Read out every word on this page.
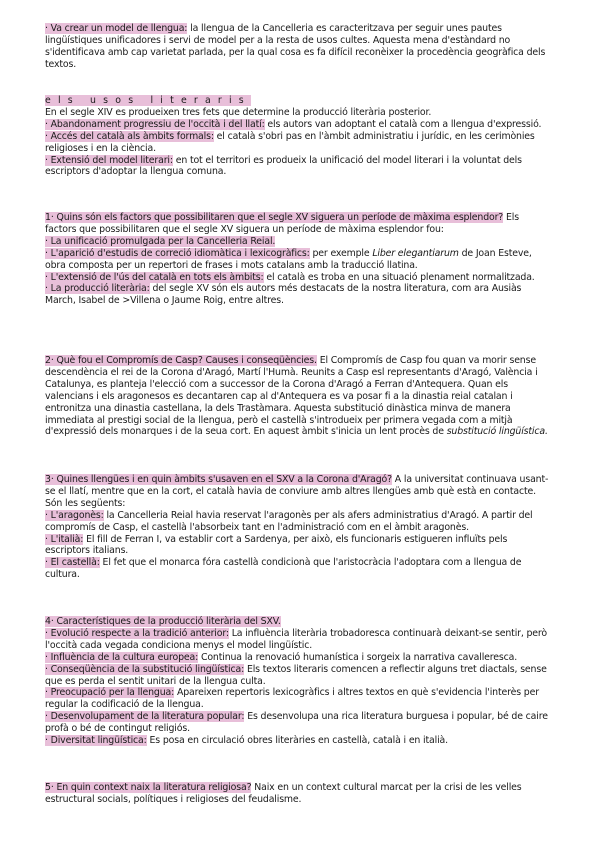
· Va crear un model de llengua: la llengua de la Cancelleria es caracteritzava per seguir unes pautes lingüístiques unificadores i servi de model per a la resta de usos cultes. Aquesta mena d'estàndard no s'identificava amb cap varietat parlada, per la qual cosa es fa difícil reconèixer la procedència geogràfica dels textos.

els usos literaris

En el segle XIV es produeixen tres fets que determine la producció literària posterior.

· Abandonament progressiu de l'occità i del llatí: els autors van adoptant el català com a llengua d'expressió.

· Accés del català als àmbits formals: el català s'obri pas en l'àmbit administratiu i jurídic, en les cerimònies religioses i en la ciència.

· Extensió del model literari: en tot el territori es produeix la unificació del model literari i la voluntat dels escriptors d'adoptar la llengua comuna.

1· Quins són els factors que possibilitaren que el segle XV siguera un període de màxima esplendor? Els factors que possibilitaren que el segle XV siguera un període de màxima esplendor fou:

· La unificació promulgada per la Cancelleria Reial.

· L'aparició d'estudis de correció idiomàtica i lexicogràfics: per exemple Liber elegantiarum de Joan Esteve, obra composta per un repertori de frases i mots catalans amb la traducció llatina.

· L'extensió de l'ús del català en tots els àmbits: el català es troba en una situació plenament normalitzada.

· La producció literària: del segle XV són els autors més destacats de la nostra literatura, com ara Ausiàs March, Isabel de >Villena o Jaume Roig, entre altres.

2· Què fou el Compromís de Casp? Causes i conseqüències. El Compromís de Casp fou quan va morir sense descendència el rei de la Corona d'Aragó, Martí l'Humà. Reunits a Casp esl representants d'Aragó, València i Catalunya, es planteja l'elecció com a successor de la Corona d'Aragó a Ferran d'Antequera. Quan els valencians i els aragonesos es decantaren cap al d'Antequera es va posar fi a la dinastia reial catalan i entronitza una dinastia castellana, la dels Trastàmara. Aquesta substitució dinàstica minva de manera immediata al prestigi social de la llengua, però el castellà s'introdueix per primera vegada com a mitjà d'expressió dels monarques i de la seua cort. En aquest àmbit s'inicia un lent procès de substitució lingüística.

3· Quines llengües i en quin àmbits s'usaven en el SXV a la Corona d'Aragó? A la universitat continuava usant-se el llatí, mentre que en la cort, el català havia de conviure amb altres llengües amb què està en contacte. Són les següents:

· L'aragonès: la Cancelleria Reial havia reservat l'aragonès per als afers administratius d'Aragó. A partir del compromís de Casp, el castellà l'absorbeix tant en l'administració com en el àmbit aragonès.

· L'italià: El fill de Ferran I, va establir cort a Sardenya, per això, els funcionaris estigueren influïts pels escriptors italians.

· El castellà: El fet que el monarca fóra castellà condicionà que l'aristocràcia l'adoptara com a llengua de cultura.

4· Característiques de la producció literària del SXV.

· Evolució respecte a la tradició anterior: La influència literària trobadoresca continuarà deixant-se sentir, però l'occità cada vegada condiciona menys el model lingüístic.

· Influència de la cultura europea: Continua la renovació humanística i sorgeix la narrativa cavalleresca.

· Conseqüència de la substitució lingüística: Els textos literaris comencen a reflectir alguns tret diactals, sense que es perda el sentit unitari de la llengua culta.

· Preocupació per la llengua: Apareixen repertoris lexicogràfics i altres textos en què s'evidencia l'interès per regular la codificació de la llengua.

· Desenvolupament de la literatura popular: Es desenvolupa una rica literatura burguesa i popular, bé de caire profà o bé de contingut religiós.

· Diversitat lingüística: Es posa en circulació obres literàries en castellà, català i en italià.

5· En quin context naix la literatura religiosa? Naix en un context cultural marcat per la crisi de les velles estructural socials, polítiques i religioses del feudalisme.
